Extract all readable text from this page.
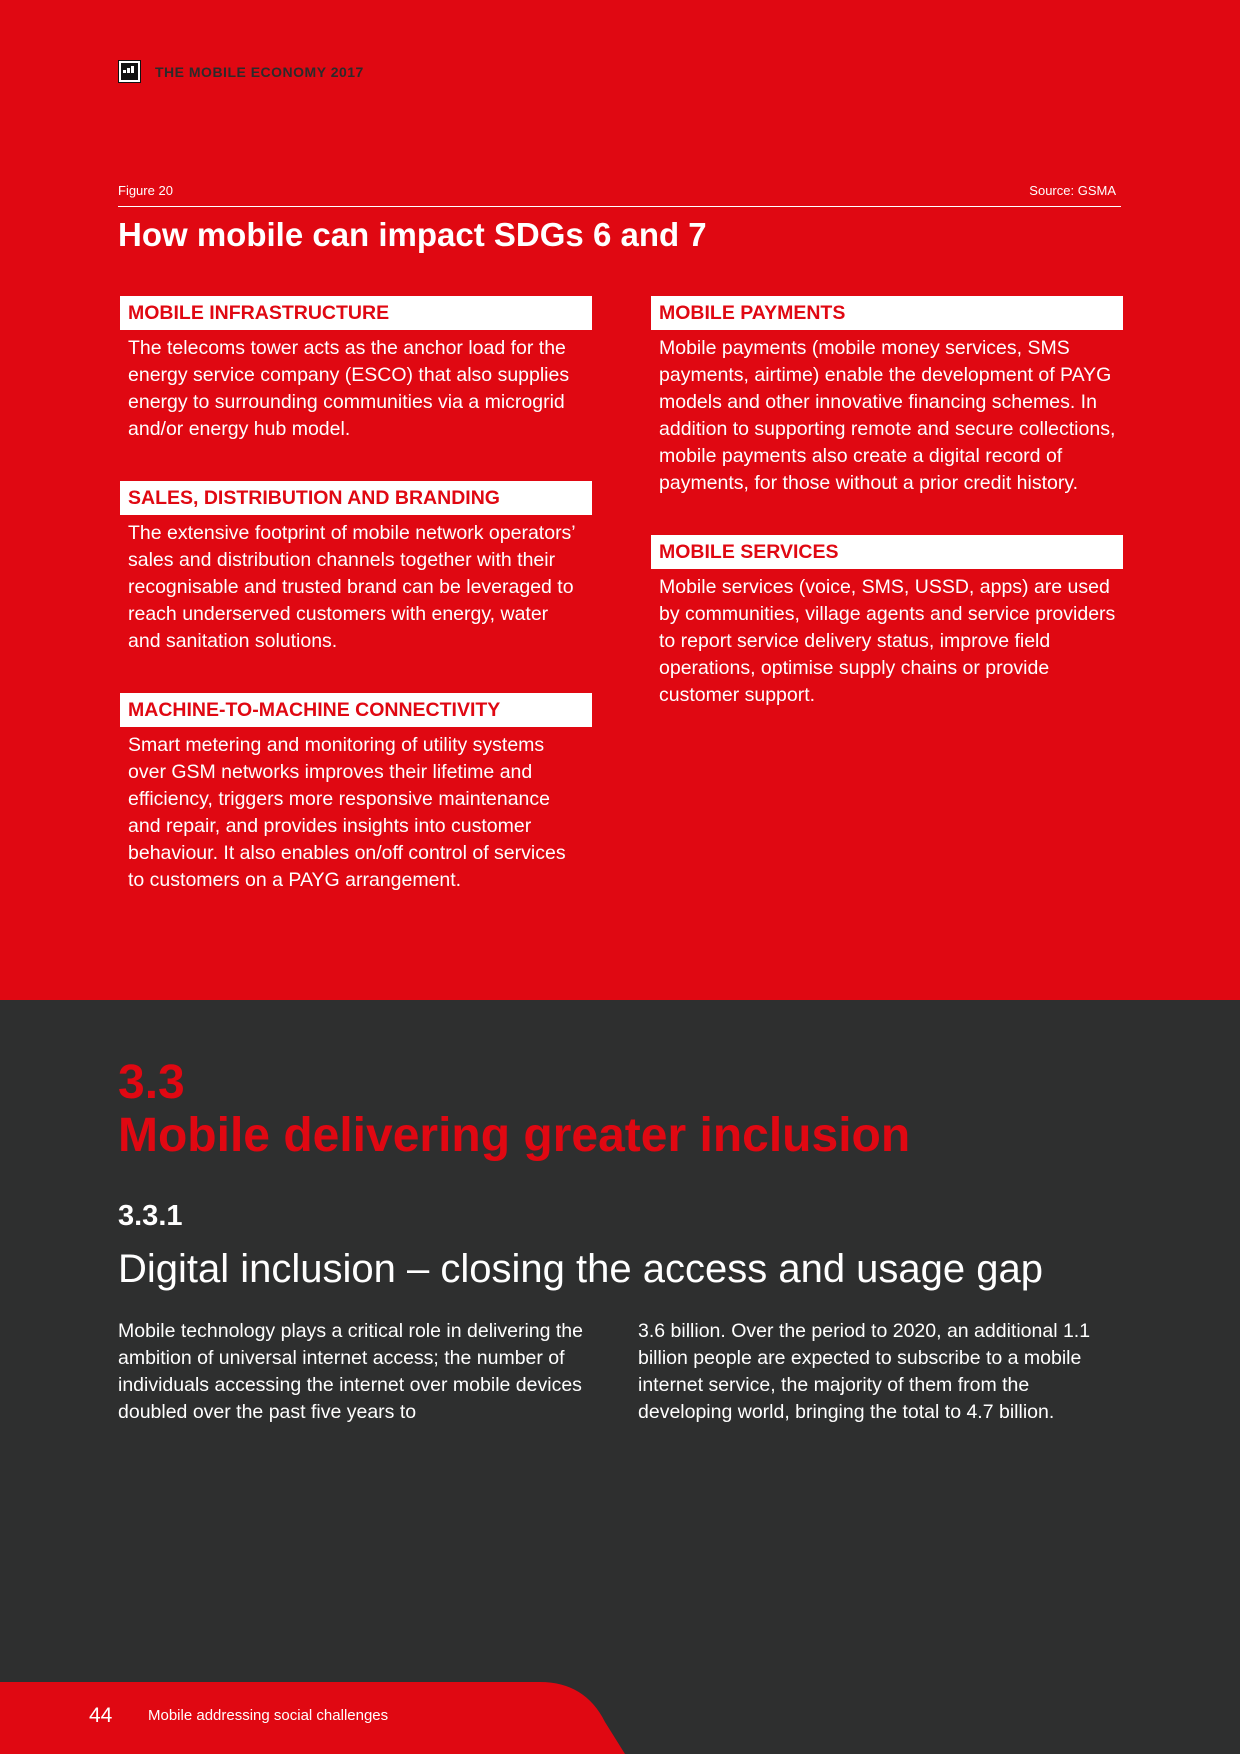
THE MOBILE ECONOMY 2017
Figure 20	Source: GSMA
How mobile can impact SDGs 6 and 7
MOBILE INFRASTRUCTURE
The telecoms tower acts as the anchor load for the energy service company (ESCO) that also supplies energy to surrounding communities via a microgrid and/or energy hub model.
SALES, DISTRIBUTION AND BRANDING
The extensive footprint of mobile network operators’ sales and distribution channels together with their recognisable and trusted brand can be leveraged to reach underserved customers with energy, water and sanitation solutions.
MACHINE-TO-MACHINE CONNECTIVITY
Smart metering and monitoring of utility systems over GSM networks improves their lifetime and efficiency, triggers more responsive maintenance and repair, and provides insights into customer behaviour. It also enables on/off control of services to customers on a PAYG arrangement.
MOBILE PAYMENTS
Mobile payments (mobile money services, SMS payments, airtime) enable the development of PAYG models and other innovative financing schemes. In addition to supporting remote and secure collections, mobile payments also create a digital record of payments, for those without a prior credit history.
MOBILE SERVICES
Mobile services (voice, SMS, USSD, apps) are used by communities, village agents and service providers to report service delivery status, improve field operations, optimise supply chains or provide customer support.
3.3
Mobile delivering greater inclusion
3.3.1
Digital inclusion – closing the access and usage gap
Mobile technology plays a critical role in delivering the ambition of universal internet access; the number of individuals accessing the internet over mobile devices doubled over the past five years to
3.6 billion. Over the period to 2020, an additional 1.1 billion people are expected to subscribe to a mobile internet service, the majority of them from the developing world, bringing the total to 4.7 billion.
44 Mobile addressing social challenges
